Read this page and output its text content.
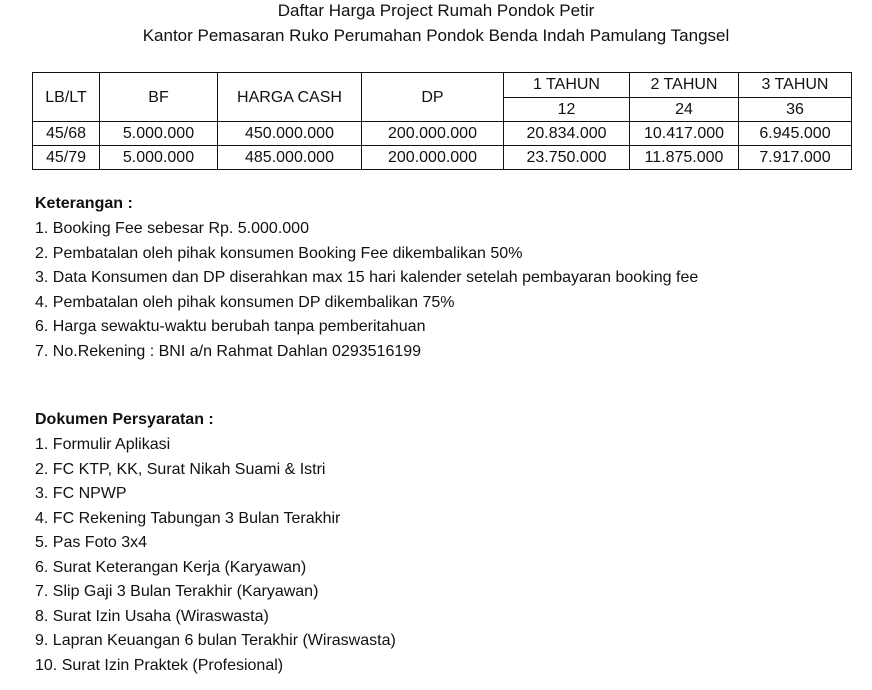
Daftar Harga Project Rumah Pondok Petir
Kantor Pemasaran Ruko Perumahan Pondok Benda Indah Pamulang Tangsel
LB/LT	BF	HARGA CASH	DP	1 TAHUN	2 TAHUN	3 TAHUN
				12	24	36
45/68	5.000.000	450.000.000	200.000.000	20.834.000	10.417.000	6.945.000
45/79	5.000.000	485.000.000	200.000.000	23.750.000	11.875.000	7.917.000
Keterangan :
1. Booking Fee sebesar Rp. 5.000.000
2. Pembatalan oleh pihak konsumen Booking Fee dikembalikan 50%
3. Data Konsumen dan DP diserahkan max 15 hari kalender setelah pembayaran booking fee
4. Pembatalan oleh pihak konsumen DP dikembalikan 75%
6. Harga sewaktu-waktu berubah tanpa pemberitahuan
7. No.Rekening : BNI a/n Rahmat Dahlan 0293516199
Dokumen Persyaratan :
1. Formulir Aplikasi
2. FC KTP, KK, Surat Nikah Suami & Istri
3. FC NPWP
4. FC Rekening Tabungan 3 Bulan Terakhir
5. Pas Foto 3x4
6. Surat Keterangan Kerja (Karyawan)
7. Slip Gaji 3 Bulan Terakhir (Karyawan)
8. Surat Izin Usaha (Wiraswasta)
9. Lapran Keuangan 6 bulan Terakhir (Wiraswasta)
10. Surat Izin Praktek (Profesional)
